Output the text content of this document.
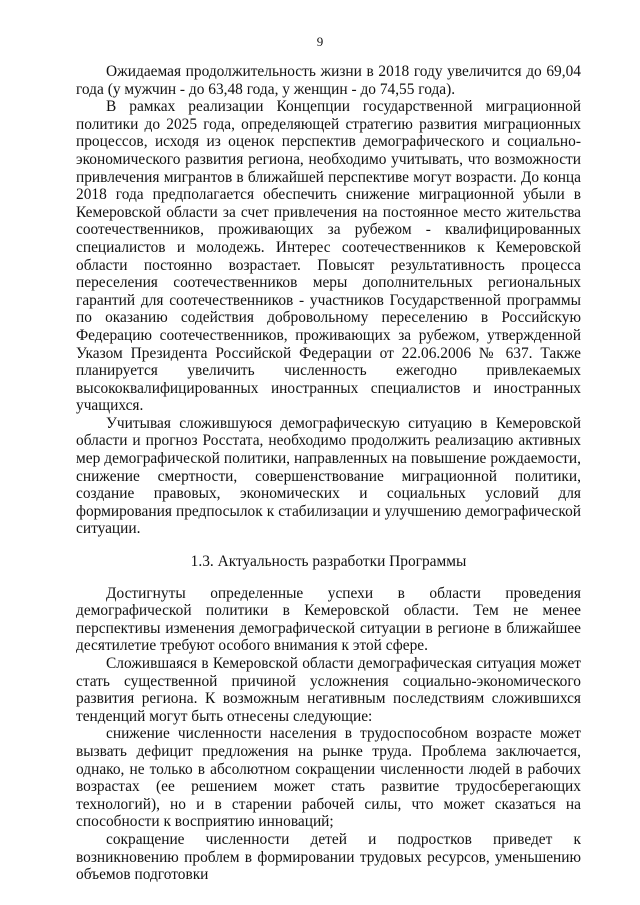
9

Ожидаемая продолжительность жизни в 2018 году увеличится до 69,04 года (у мужчин - до 63,48 года, у женщин - до 74,55 года).

В рамках реализации Концепции государственной миграционной политики до 2025 года, определяющей стратегию развития миграционных процессов, исходя из оценок перспектив демографического и социально-экономического развития региона, необходимо учитывать, что возможности привлечения мигрантов в ближайшей перспективе могут возрасти. До конца 2018 года предполагается обеспечить снижение миграционной убыли в Кемеровской области за счет привлечения на постоянное место жительства соотечественников, проживающих за рубежом - квалифицированных специалистов и молодежь. Интерес соотечественников к Кемеровской области постоянно возрастает. Повысят результативность процесса переселения соотечественников меры дополнительных региональных гарантий для соотечественников - участников Государственной программы по оказанию содействия добровольному переселению в Российскую Федерацию соотечественников, проживающих за рубежом, утвержденной Указом Президента Российской Федерации от 22.06.2006 № 637. Также планируется увеличить численность ежегодно привлекаемых высококвалифицированных иностранных специалистов и иностранных учащихся.

Учитывая сложившуюся демографическую ситуацию в Кемеровской области и прогноз Росстата, необходимо продолжить реализацию активных мер демографической политики, направленных на повышение рождаемости, снижение смертности, совершенствование миграционной политики, создание правовых, экономических и социальных условий для формирования предпосылок к стабилизации и улучшению демографической ситуации.

1.3. Актуальность разработки Программы

Достигнуты определенные успехи в области проведения демографической политики в Кемеровской области. Тем не менее перспективы изменения демографической ситуации в регионе в ближайшее десятилетие требуют особого внимания к этой сфере.

Сложившаяся в Кемеровской области демографическая ситуация может стать существенной причиной усложнения социально-экономического развития региона. К возможным негативным последствиям сложившихся тенденций могут быть отнесены следующие:

снижение численности населения в трудоспособном возрасте может вызвать дефицит предложения на рынке труда. Проблема заключается, однако, не только в абсолютном сокращении численности людей в рабочих возрастах (ее решением может стать развитие трудосберегающих технологий), но и в старении рабочей силы, что может сказаться на способности к восприятию инноваций;

сокращение численности детей и подростков приведет к возникновению проблем в формировании трудовых ресурсов, уменьшению объемов подготовки
